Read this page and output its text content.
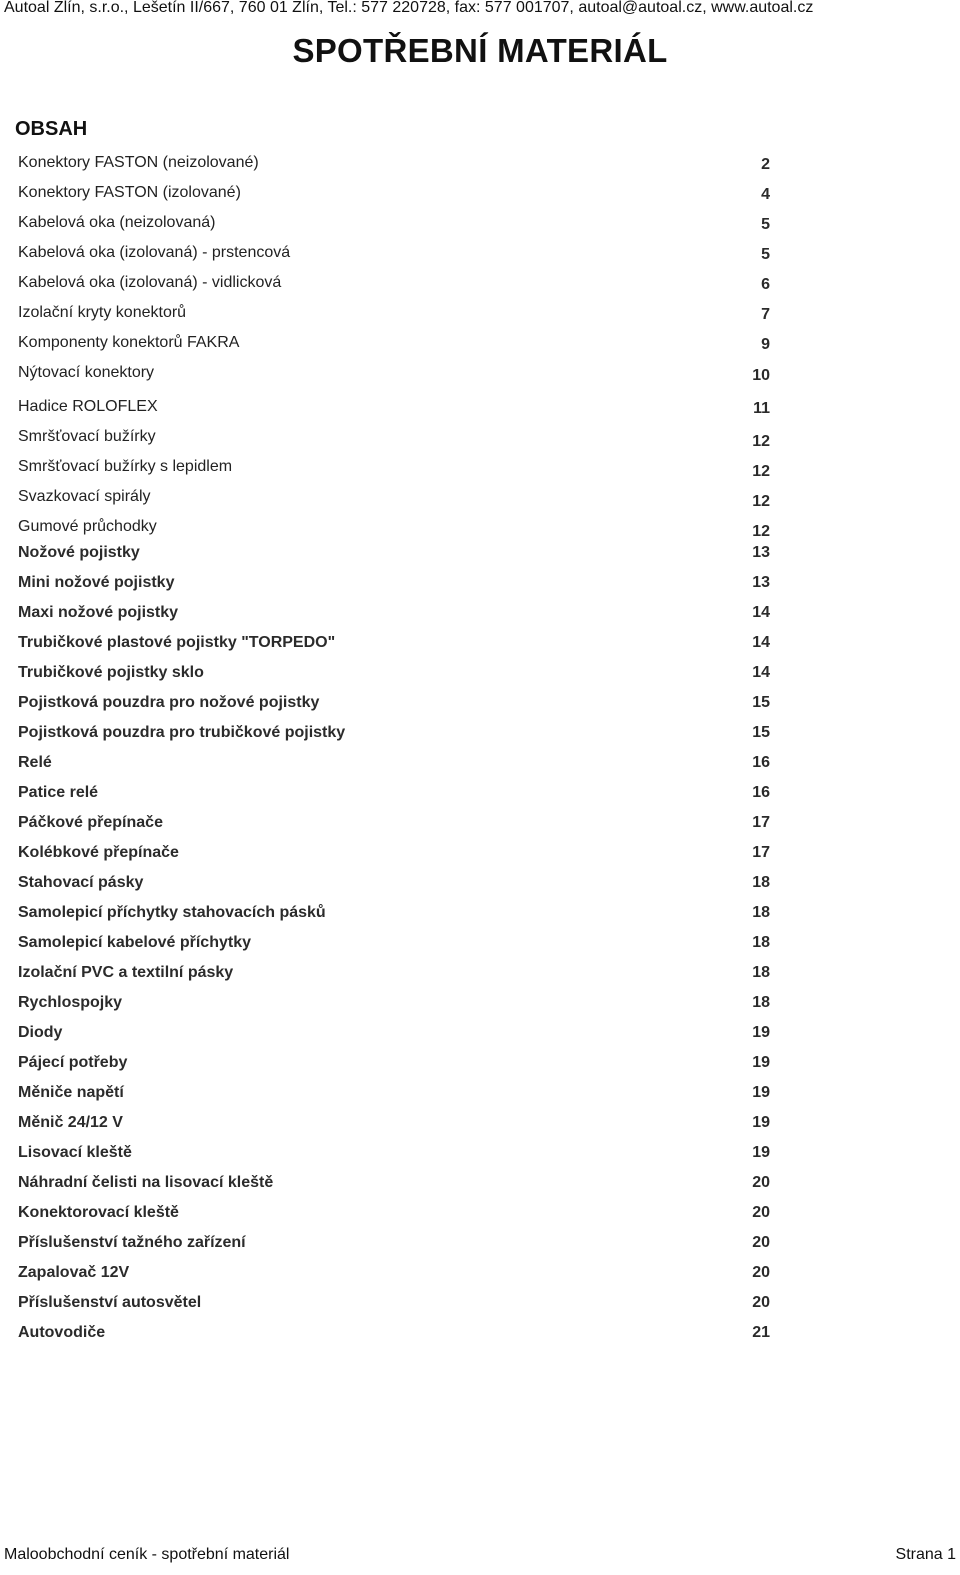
Autoal Zlín, s.r.o., Lešetín II/667, 760 01 Zlín, Tel.: 577 220728, fax: 577 001707, autoal@autoal.cz, www.autoal.cz
SPOTŘEBNÍ MATERIÁL
OBSAH
Konektory FASTON (neizolované)	2
Konektory FASTON (izolované)	4
Kabelová oka (neizolovaná)	5
Kabelová oka (izolovaná) - prstencová	5
Kabelová oka (izolovaná) - vidlicková	6
Izolační kryty konektorů	7
Komponenty konektorů FAKRA	9
Nýtovací konektory	10
Hadice ROLOFLEX	11
Smršťovací bužírky	12
Smršťovací bužírky s lepidlem	12
Svazkovací spirály	12
Gumové průchodky	12
Nožové pojistky	13
Mini nožové pojistky	13
Maxi nožové pojistky	14
Trubičkové plastové pojistky "TORPEDO"	14
Trubičkové pojistky sklo	14
Pojistková pouzdra pro nožové pojistky	15
Pojistková pouzdra pro trubičkové pojistky	15
Relé	16
Patice relé	16
Páčkové přepínače	17
Kolébkové přepínače	17
Stahovací pásky	18
Samolepicí příchytky stahovacích pásků	18
Samolepicí kabelové příchytky	18
Izolační PVC a textilní pásky	18
Rychlospojky	18
Diody	19
Pájecí potřeby	19
Měniče napětí	19
Měnič 24/12 V	19
Lisovací kleště	19
Náhradní čelisti na lisovací kleště	20
Konektorovací kleště	20
Příslušenství tažného zařízení	20
Zapalovač 12V	20
Příslušenství autosvětel	20
Autovodiče	21
Maloobchodní ceník - spotřební materiál	Strana 1
